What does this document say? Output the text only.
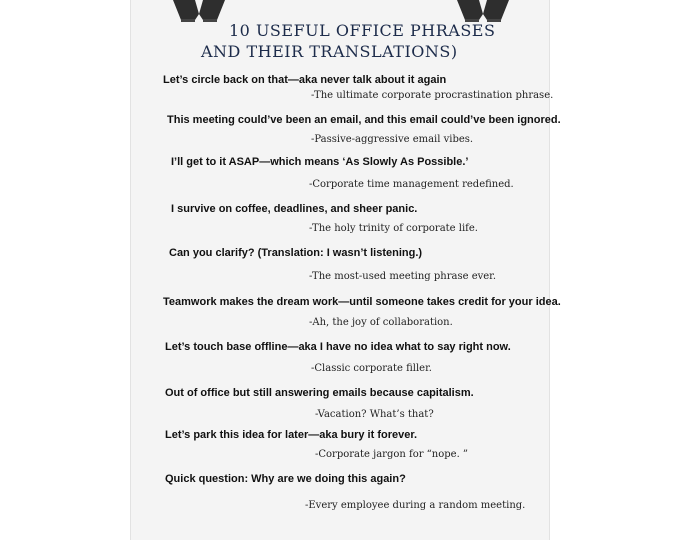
10 USEFUL OFFICE PHRASES
AND THEIR TRANSLATIONS)
Let’s circle back on that—aka never talk about it again
-The ultimate corporate procrastination phrase.
This meeting could’ve been an email, and this email could’ve been ignored.
-Passive-aggressive email vibes.
I’ll get to it ASAP—which means ‘As Slowly As Possible.’
-Corporate time management redefined.
I survive on coffee, deadlines, and sheer panic.
-The holy trinity of corporate life.
Can you clarify? (Translation: I wasn’t listening.)
-The most-used meeting phrase ever.
Teamwork makes the dream work—until someone takes credit for your idea.
-Ah, the joy of collaboration.
Let’s touch base offline—aka I have no idea what to say right now.
-Classic corporate filler.
Out of office but still answering emails because capitalism.
-Vacation? What’s that?
Let’s park this idea for later—aka bury it forever.
-Corporate jargon for “nope. ”
Quick question: Why are we doing this again?
-Every employee during a random meeting.
